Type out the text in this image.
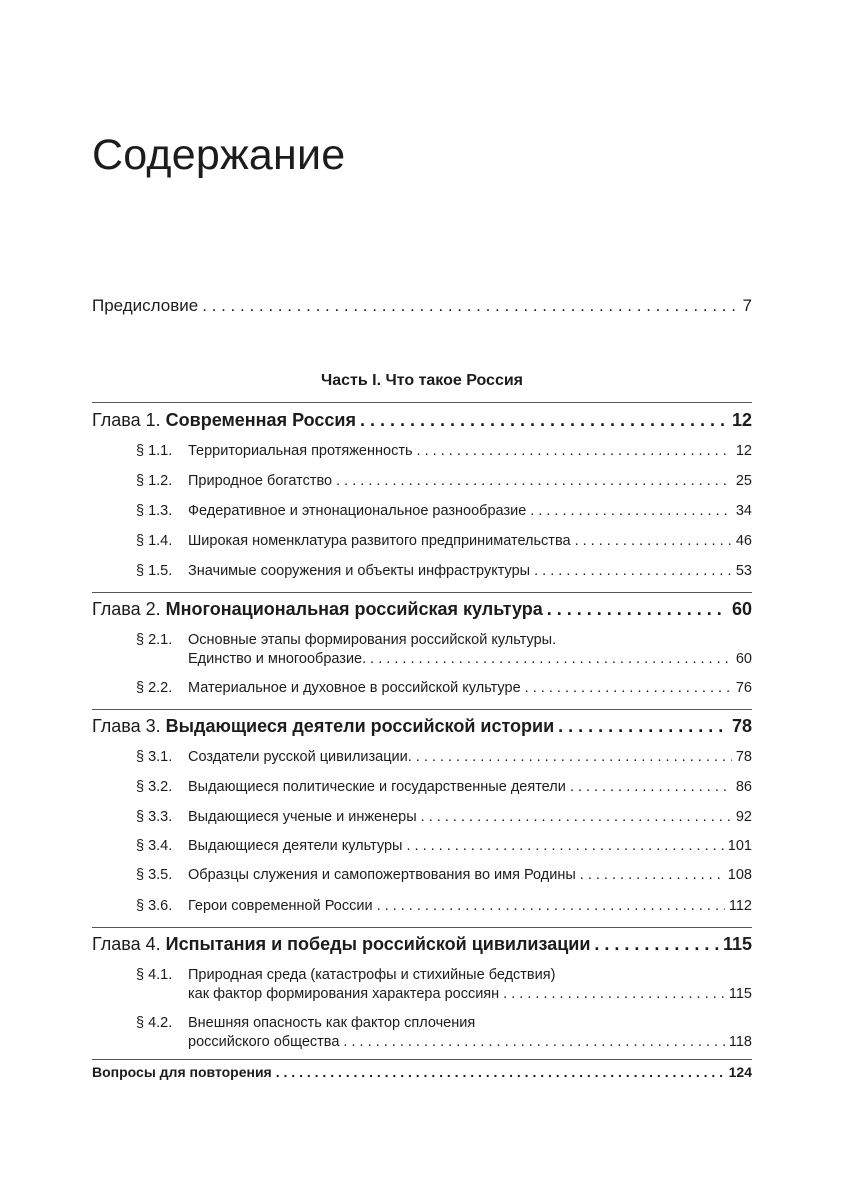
Содержание
Предисловие . . .	7
Часть I. Что такое Россия
Глава 1. Современная Россия . . .	12
§ 1.1. Территориальная протяженность . . .	12
§ 1.2. Природное богатство . . .	25
§ 1.3. Федеративное и этнонациональное разнообразие . . .	34
§ 1.4. Широкая номенклатура развитого предпринимательства . . .	46
§ 1.5. Значимые сооружения и объекты инфраструктуры . . .	53
Глава 2. Многонациональная российская культура . . .	60
§ 2.1.	Основные этапы формирования российской культуры.
Единство и многообразие. . . .	60
§ 2.2. Материальное и духовное в российской культуре . . .	76
Глава 3. Выдающиеся деятели российской истории . . .	78
§ 3.1. Создатели русской цивилизации. . . .	78
§ 3.2. Выдающиеся политические и государственные деятели . . .	86
§ 3.3. Выдающиеся ученые и инженеры . . .	92
§ 3.4. Выдающиеся деятели культуры . . .	101
§ 3.5. Образцы служения и самопожертвования во имя Родины . . .	108
§ 3.6. Герои современной России . . .	112
Глава 4. Испытания и победы российской цивилизации . . .	115
§ 4.1.	Природная среда (катастрофы и стихийные бедствия)
как фактор формирования характера россиян . . .	115
§ 4.2.	Внешняя опасность как фактор сплочения
российского общества . . .	118
Вопросы для повторения . . .	124
